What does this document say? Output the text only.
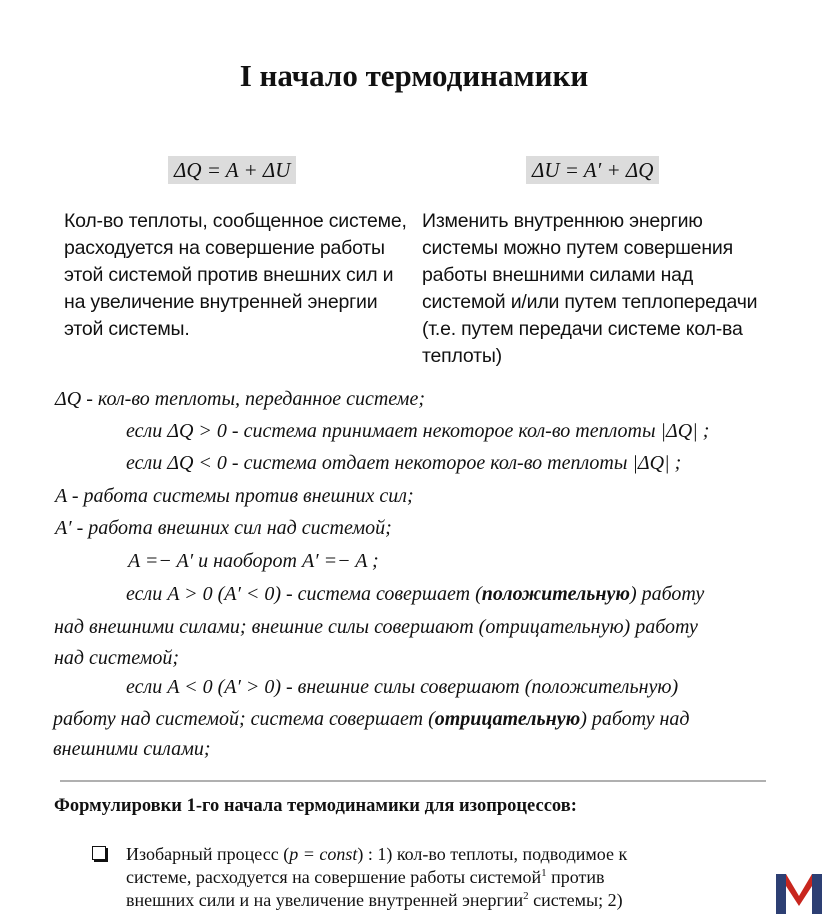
I начало термодинамики
ΔQ = A + ΔU	ΔU = A′ + ΔQ
Кол-во теплоты, сообщенное системе, расходуется на совершение работы этой системой против внешних сил и на увеличение внутренней энергии этой системы.
Изменить внутреннюю энергию системы можно путем совершения работы внешними силами над системой и/или путем теплопередачи (т.е. путем передачи системе кол-ва теплоты)
ΔQ - кол-во теплоты, переданное системе;
если ΔQ > 0 - система принимает некоторое кол-во теплоты |ΔQ| ;
если ΔQ < 0 - система отдает некоторое кол-во теплоты |ΔQ| ;
A - работа системы против внешних сил;
A′ - работа внешних сил над системой;
A =− A′ и наоборот A′ =− A ;
если A > 0 (A′ < 0) - система совершает (положительную) работу
над внешними силами; внешние силы совершают (отрицательную) работу
над системой;
если A < 0 (A′ > 0) - внешние силы совершают (положительную)
работу над системой; система совершает (отрицательную) работу над
внешними силами;
Формулировки 1-го начала термодинамики для изопроцессов:
Изобарный процесс (p = const) : 1) кол-во теплоты, подводимое к
системе, расходуется на совершение работы системой$^1$ против
внешних сили и на увеличение внутренней энергии$^2$ системы; 2)
